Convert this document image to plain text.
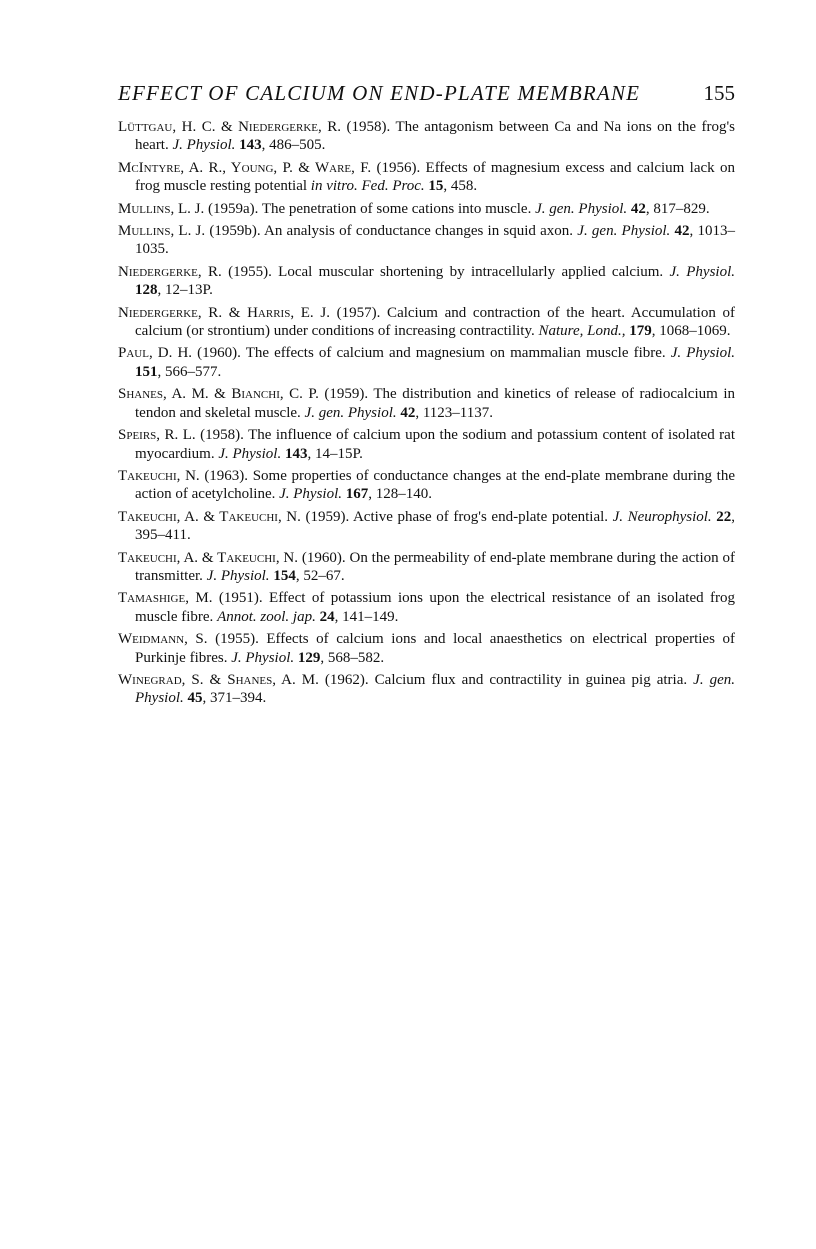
EFFECT OF CALCIUM ON END-PLATE MEMBRANE	155
Lüttgau, H. C. & Niedergerke, R. (1958). The antagonism between Ca and Na ions on the frog's heart. J. Physiol. 143, 486–505.
McIntyre, A. R., Young, P. & Ware, F. (1956). Effects of magnesium excess and calcium lack on frog muscle resting potential in vitro. Fed. Proc. 15, 458.
Mullins, L. J. (1959a). The penetration of some cations into muscle. J. gen. Physiol. 42, 817–829.
Mullins, L. J. (1959b). An analysis of conductance changes in squid axon. J. gen. Physiol. 42, 1013–1035.
Niedergerke, R. (1955). Local muscular shortening by intracellularly applied calcium. J. Physiol. 128, 12–13P.
Niedergerke, R. & Harris, E. J. (1957). Calcium and contraction of the heart. Accumulation of calcium (or strontium) under conditions of increasing contractility. Nature, Lond., 179, 1068–1069.
Paul, D. H. (1960). The effects of calcium and magnesium on mammalian muscle fibre. J. Physiol. 151, 566–577.
Shanes, A. M. & Bianchi, C. P. (1959). The distribution and kinetics of release of radiocalcium in tendon and skeletal muscle. J. gen. Physiol. 42, 1123–1137.
Speirs, R. L. (1958). The influence of calcium upon the sodium and potassium content of isolated rat myocardium. J. Physiol. 143, 14–15P.
Takeuchi, N. (1963). Some properties of conductance changes at the end-plate membrane during the action of acetylcholine. J. Physiol. 167, 128–140.
Takeuchi, A. & Takeuchi, N. (1959). Active phase of frog's end-plate potential. J. Neurophysiol. 22, 395–411.
Takeuchi, A. & Takeuchi, N. (1960). On the permeability of end-plate membrane during the action of transmitter. J. Physiol. 154, 52–67.
Tamashige, M. (1951). Effect of potassium ions upon the electrical resistance of an isolated frog muscle fibre. Annot. zool. jap. 24, 141–149.
Weidmann, S. (1955). Effects of calcium ions and local anaesthetics on electrical properties of Purkinje fibres. J. Physiol. 129, 568–582.
Winegrad, S. & Shanes, A. M. (1962). Calcium flux and contractility in guinea pig atria. J. gen. Physiol. 45, 371–394.
